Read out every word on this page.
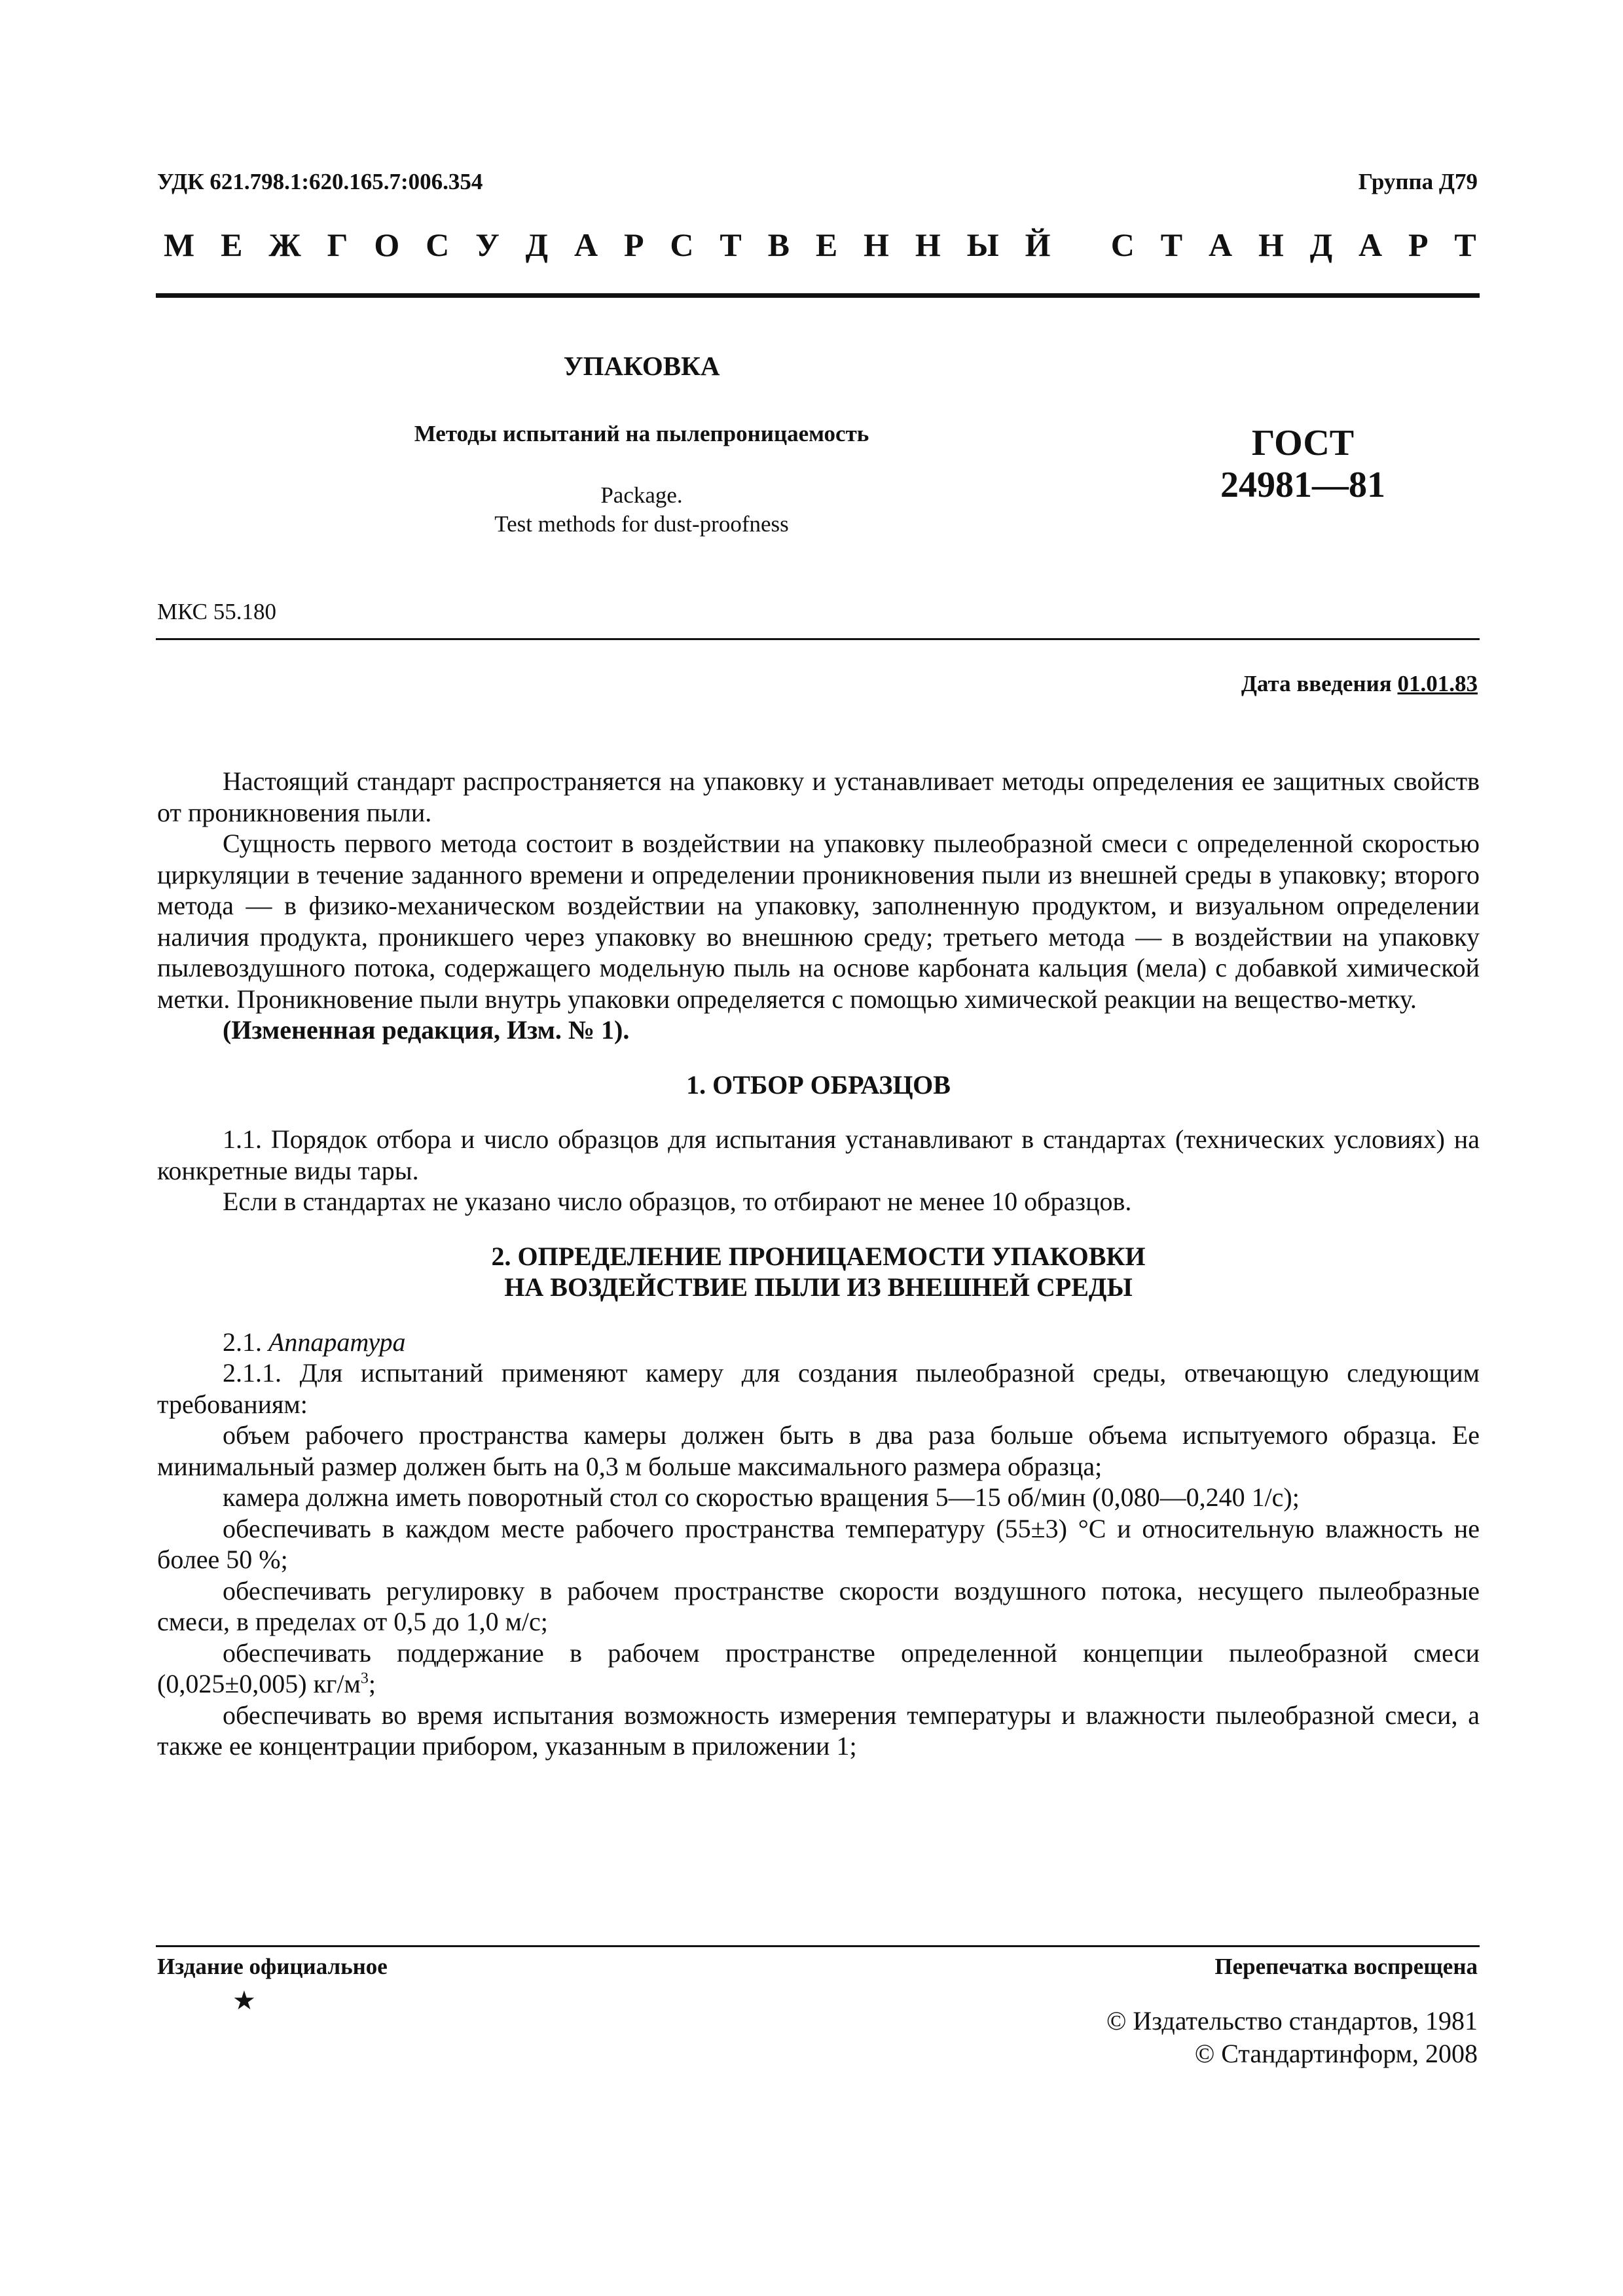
УДК 621.798.1:620.165.7:006.354	Группа Д79
М Е Ж Г О С У Д А Р С Т В Е Н Н Ы Й
С Т А Н Д А Р Т
УПАКОВКА
Методы испытаний на пылепроницаемость
Package.
Test methods for dust-proofness
ГОСТ
24981—81
МКС 55.180
Дата введения 01.01.83

Настоящий стандарт распространяется на упаковку и устанавливает методы определения ее защитных свойств от проникновения пыли.

Сущность первого метода состоит в воздействии на упаковку пылеобразной смеси с определенной скоростью циркуляции в течение заданного времени и определении проникновения пыли из внешней среды в упаковку; второго метода — в физико-механическом воздействии на упаковку, заполненную продуктом, и визуальном определении наличия продукта, проникшего через упаковку во внешнюю среду; третьего метода — в воздействии на упаковку пылевоздушного потока, содержащего модельную пыль на основе карбоната кальция (мела) с добавкой химической метки. Проникновение пыли внутрь упаковки определяется с помощью химической реакции на вещество-метку.

(Измененная редакция, Изм. № 1).

1. ОТБОР ОБРАЗЦОВ

1.1. Порядок отбора и число образцов для испытания устанавливают в стандартах (технических условиях) на конкретные виды тары.

Если в стандартах не указано число образцов, то отбирают не менее 10 образцов.

2. ОПРЕДЕЛЕНИЕ ПРОНИЦАЕМОСТИ УПАКОВКИ
НА ВОЗДЕЙСТВИЕ ПЫЛИ ИЗ ВНЕШНЕЙ СРЕДЫ

2.1. Аппаратура

2.1.1. Для испытаний применяют камеру для создания пылеобразной среды, отвечающую следующим требованиям:

объем рабочего пространства камеры должен быть в два раза больше объема испытуемого образца. Ее минимальный размер должен быть на 0,3 м больше максимального размера образца;

камера должна иметь поворотный стол со скоростью вращения 5—15 об/мин (0,080—0,240 1/с);

обеспечивать в каждом месте рабочего пространства температуру (55±3) °С и относительную влажность не более 50 %;

обеспечивать регулировку в рабочем пространстве скорости воздушного потока, несущего пылеобразные смеси, в пределах от 0,5 до 1,0 м/с;

обеспечивать поддержание в рабочем пространстве определенной концепции пылеобразной смеси (0,025±0,005) $кг/м^3$;

обеспечивать во время испытания возможность измерения температуры и влажности пылеобразной смеси, а также ее концентрации прибором, указанным в приложении 1;

Издание официальное	Перепечатка воспрещена
★
© Издательство стандартов, 1981
© Стандартинформ, 2008
